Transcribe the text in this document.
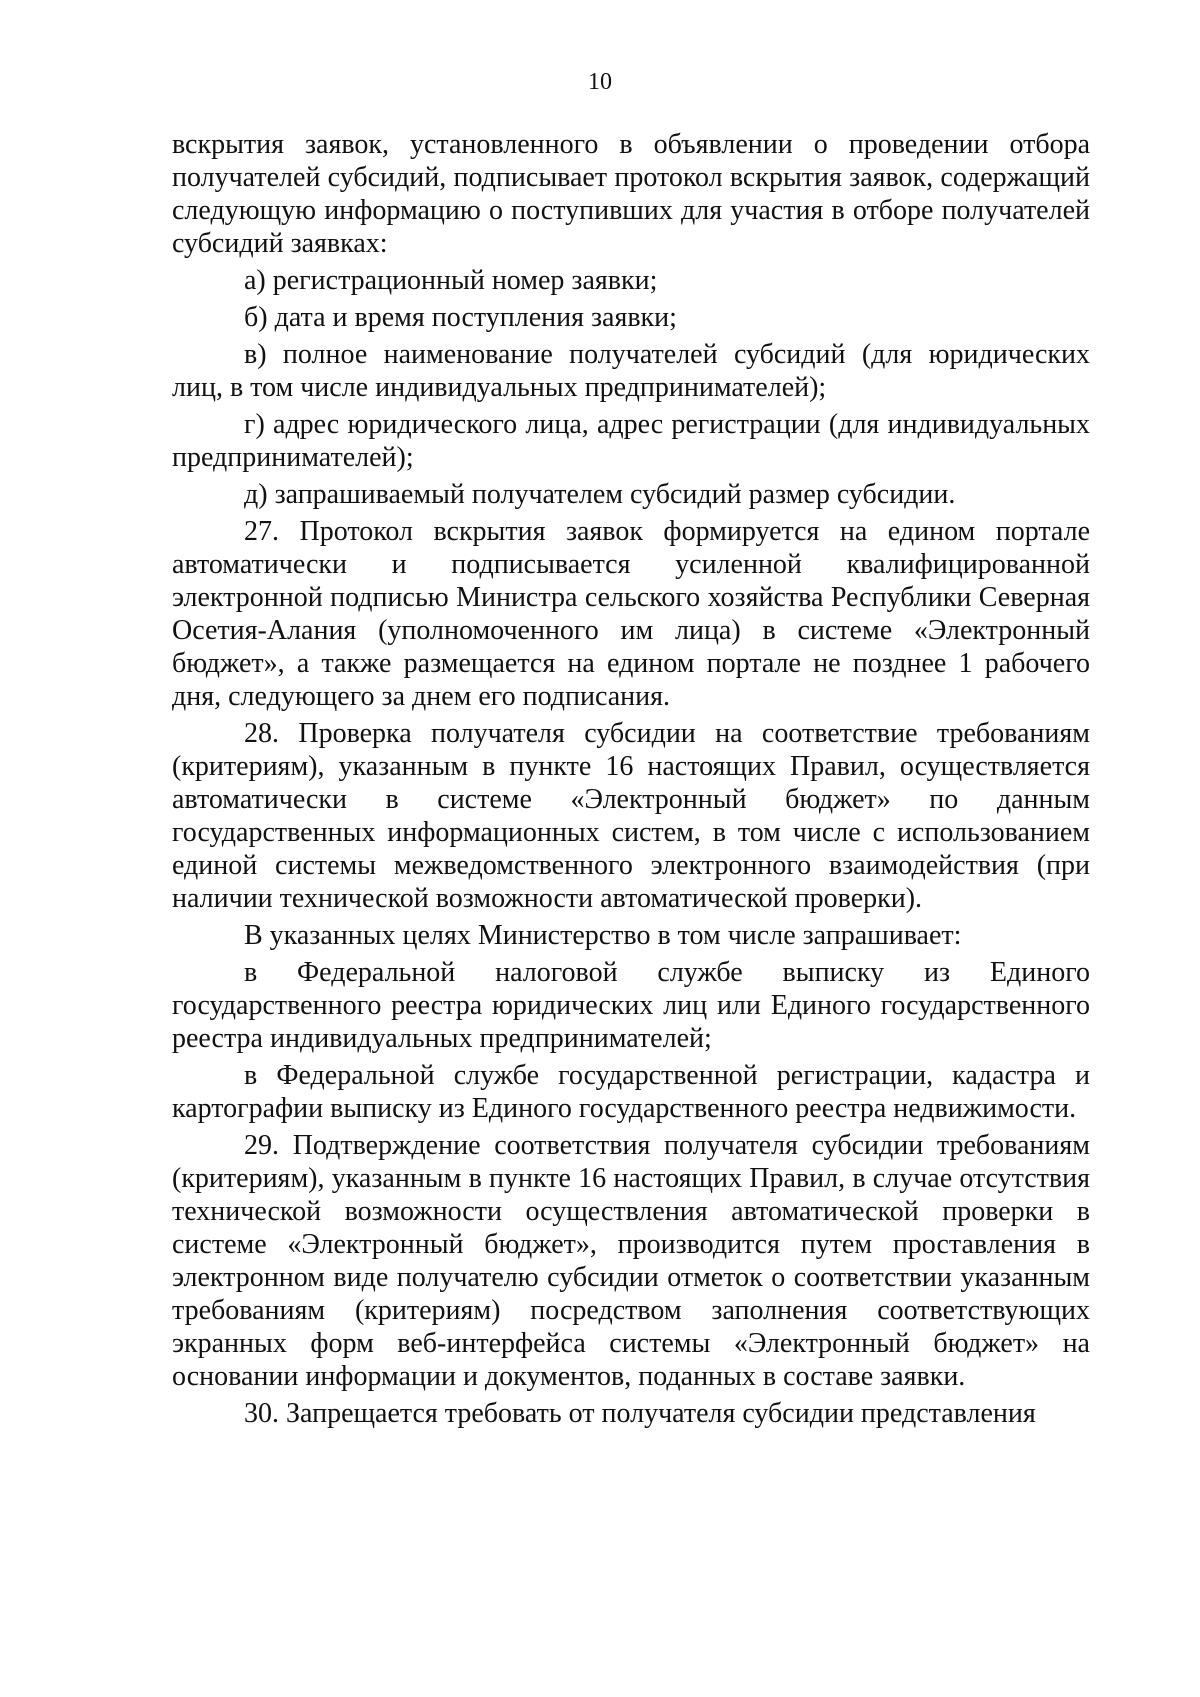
10

вскрытия заявок, установленного в объявлении о проведении отбора получателей субсидий, подписывает протокол вскрытия заявок, содержащий следующую информацию о поступивших для участия в отборе получателей субсидий заявках:

а) регистрационный номер заявки;

б) дата и время поступления заявки;

в) полное наименование получателей субсидий (для юридических лиц, в том числе индивидуальных предпринимателей);

г) адрес юридического лица, адрес регистрации (для индивидуальных предпринимателей);

д) запрашиваемый получателем субсидий размер субсидии.

27. Протокол вскрытия заявок формируется на едином портале автоматически и подписывается усиленной квалифицированной электронной подписью Министра сельского хозяйства Республики Северная Осетия-Алания (уполномоченного им лица) в системе «Электронный бюджет», а также размещается на едином портале не позднее 1 рабочего дня, следующего за днем его подписания.

28. Проверка получателя субсидии на соответствие требованиям (критериям), указанным в пункте 16 настоящих Правил, осуществляется автоматически в системе «Электронный бюджет» по данным государственных информационных систем, в том числе с использованием единой системы межведомственного электронного взаимодействия (при наличии технической возможности автоматической проверки).

В указанных целях Министерство в том числе запрашивает:

в Федеральной налоговой службе выписку из Единого государственного реестра юридических лиц или Единого государственного реестра индивидуальных предпринимателей;

в Федеральной службе государственной регистрации, кадастра и картографии выписку из Единого государственного реестра недвижимости.

29. Подтверждение соответствия получателя субсидии требованиям (критериям), указанным в пункте 16 настоящих Правил, в случае отсутствия технической возможности осуществления автоматической проверки в системе «Электронный бюджет», производится путем проставления в электронном виде получателю субсидии отметок о соответствии указанным требованиям (критериям) посредством заполнения соответствующих экранных форм веб-интерфейса системы «Электронный бюджет» на основании информации и документов, поданных в составе заявки.

30. Запрещается требовать от получателя субсидии представления
